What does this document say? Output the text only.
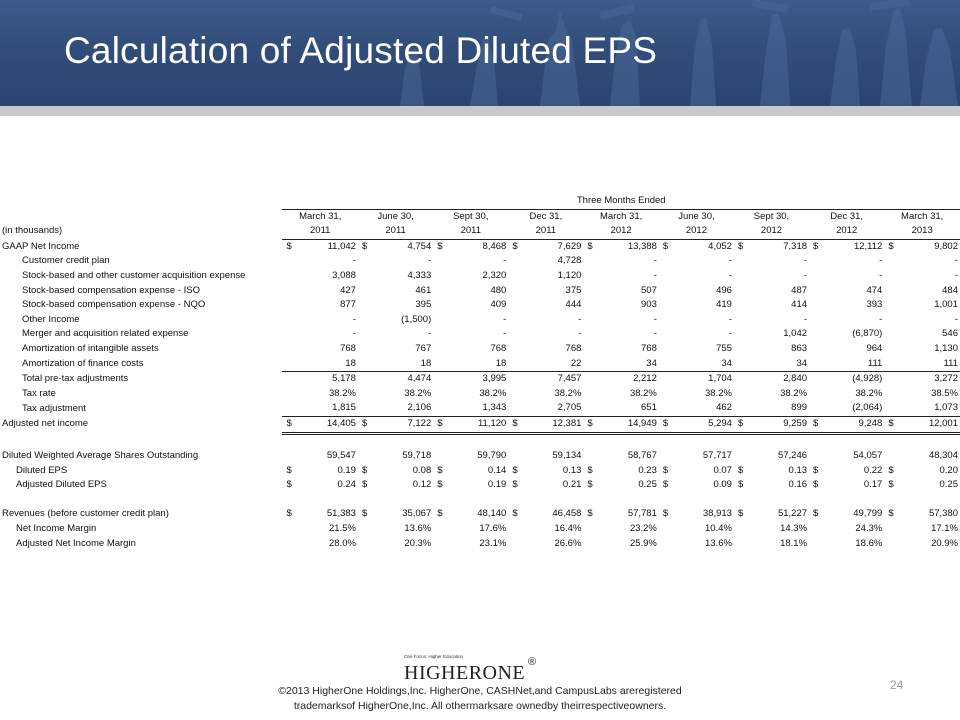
Calculation of Adjusted Diluted EPS
	Three Months Ended																	
	March 31,		June 30,		Sept 30,		Dec 31,		March 31,		June 30,		Sept 30,		Dec 31,		March 31,	
(in thousands)	2011		2011		2011		2011		2012		2012		2012		2012		2013	
GAAP Net Income	$	11,042	$	4,754	$	8,468	$	7,629	$	13,388	$	4,052	$	7,318	$	12,112	$	9,802
Customer credit plan		-		-		-		4,728		-		-		-		-		-
Stock-based and other customer acquisition expense		3,088		4,333		2,320		1,120		-		-		-		-		-
Stock-based compensation expense - ISO		427		461		480		375		507		496		487		474		484
Stock-based compensation expense - NQO		877		395		409		444		903		419		414		393		1,001
Other Income		-		(1,500)		-		-		-		-		-		-		-
Merger and acquisition related expense		-		-		-		-		-		-		1,042		(6,870)		546
Amortization of intangible assets		768		767		768		768		768		755		863		964		1,130
Amortization of finance costs		18		18		18		22		34		34		34		111		111
Total pre-tax adjustments		5,178		4,474		3,995		7,457		2,212		1,704		2,840		(4,928)		3,272
Tax rate		38.2%		38.2%		38.2%		38.2%		38.2%		38.2%		38.2%		38.2%		38.5%
Tax adjustment		1,815		2,106		1,343		2,705		651		462		899		(2,064)		1,073
Adjusted net income	$	14,405	$	7,122	$	11,120	$	12,381	$	14,949	$	5,294	$	9,259	$	9,248	$	12,001

Diluted Weighted Average Shares Outstanding		59,547		59,718		59,790		59,134		58,767		57,717		57,246		54,057		48,304
Diluted EPS	$	0.19	$	0.08	$	0.14	$	0.13	$	0.23	$	0.07	$	0.13	$	0.22	$	0.20
Adjusted Diluted EPS	$	0.24	$	0.12	$	0.19	$	0.21	$	0.25	$	0.09	$	0.16	$	0.17	$	0.25

Revenues (before customer credit plan)	$	51,383	$	35,067	$	48,140	$	46,458	$	57,781	$	38,913	$	51,227	$	49,799	$	57,380
Net Income Margin		21.5%		13.6%		17.6%		16.4%		23.2%		10.4%		14.3%		24.3%		17.1%
Adjusted Net Income Margin		28.0%		20.3%		23.1%		26.6%		25.9%		13.6%		18.1%		18.6%		20.9%
One Focus: Higher Education
HIGHERONE ®
24
©2013 HigherOne Holdings,Inc. HigherOne, CASHNet,and CampusLabs areregistered
trademarksof HigherOne,Inc. All othermarksare ownedby theirrespectiveowners.
